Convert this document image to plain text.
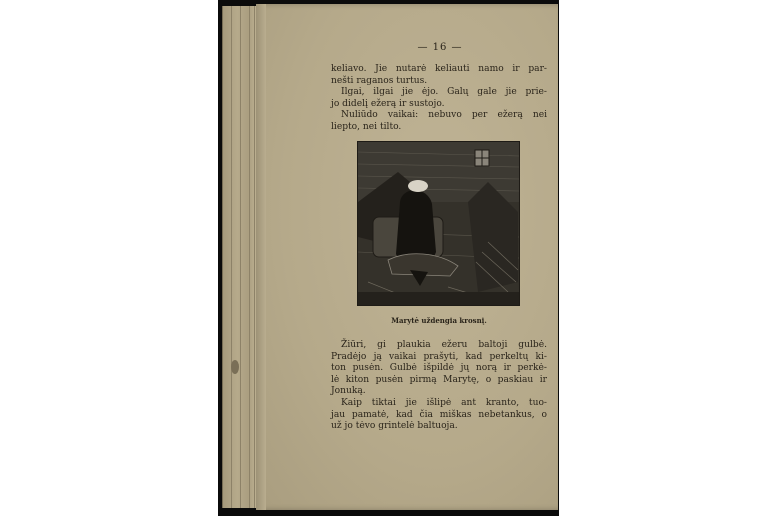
— 16 —
keliavo. Jie nutarė keliauti namo ir par-
nešti raganos turtus.
Ilgai, ilgai jie ėjo. Galų gale jie prie-
jo didelį ežerą ir sustojo.
Nuliūdo vaikai: nebuvo per ežerą nei
liepto, nei tilto.
Marytė uždengia krosnį.
Žiūri, gi plaukia ežeru baltoji gulbė.
Pradėjo ją vaikai prašyti, kad perkeltų ki-
ton pusėn. Gulbė išpildė jų norą ir perkė-
lė kiton pusėn pirmą Marytę, o paskiau ir
Jonuką.
Kaip tiktai jie išlipė ant kranto, tuo-
jau pamatė, kad čia miškas nebetankus, o
už jo tėvo grintelė baltuoja.
